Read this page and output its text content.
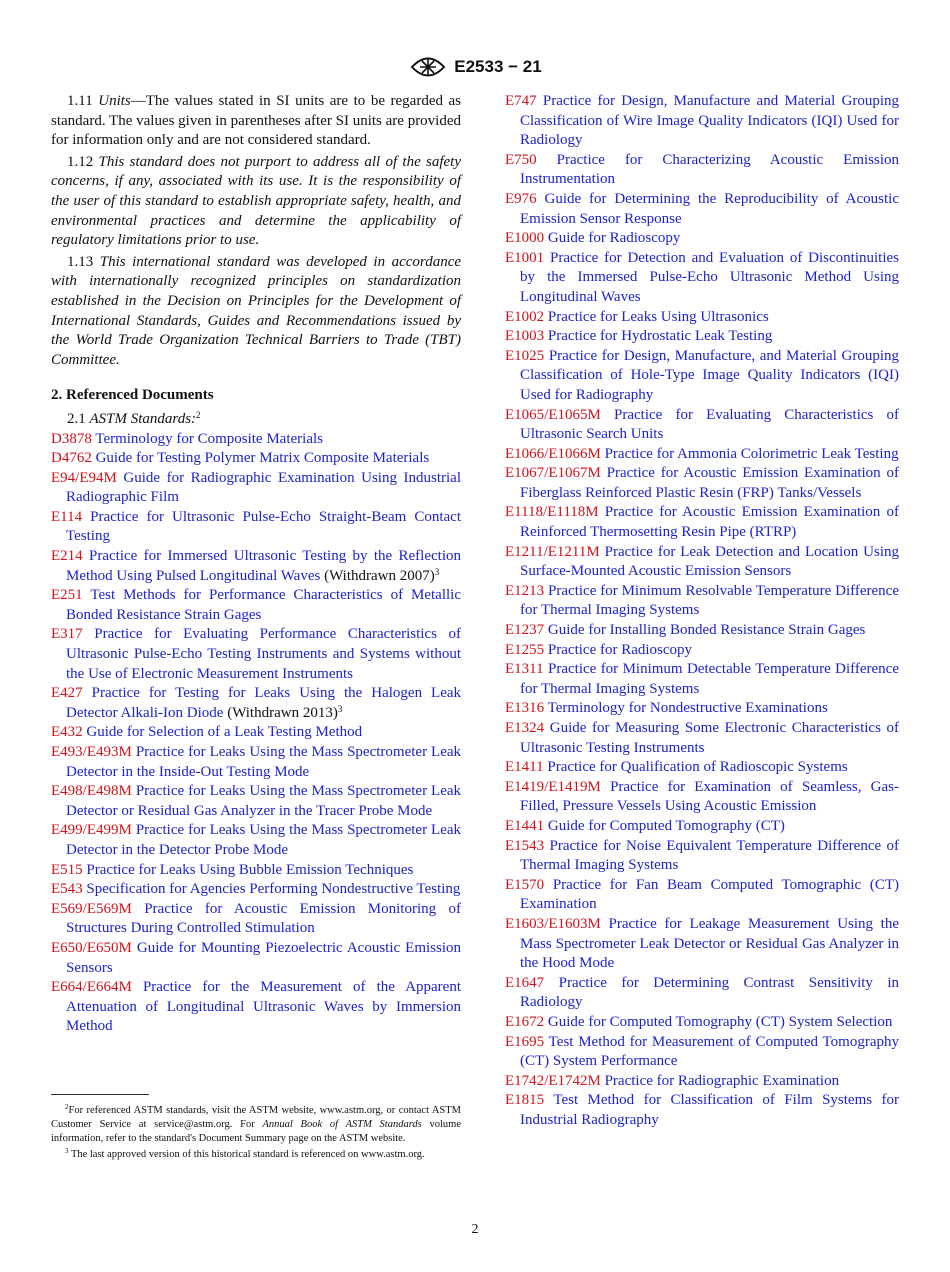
E2533 − 21

1.11 Units—The values stated in SI units are to be regarded as standard. The values given in parentheses after SI units are provided for information only and are not considered standard.

1.12 This standard does not purport to address all of the safety concerns, if any, associated with its use. It is the responsibility of the user of this standard to establish appropriate safety, health, and environmental practices and determine the applicability of regulatory limitations prior to use.

1.13 This international standard was developed in accordance with internationally recognized principles on standardization established in the Decision on Principles for the Development of International Standards, Guides and Recommendations issued by the World Trade Organization Technical Barriers to Trade (TBT) Committee.

2. Referenced Documents
2.1 ASTM Standards:$^2$

D3878 Terminology for Composite Materials

D4762 Guide for Testing Polymer Matrix Composite Materials

E94/E94M Guide for Radiographic Examination Using Industrial Radiographic Film

E114 Practice for Ultrasonic Pulse-Echo Straight-Beam Contact Testing

E214 Practice for Immersed Ultrasonic Testing by the Reflection Method Using Pulsed Longitudinal Waves (Withdrawn 2007)$^3$

E251 Test Methods for Performance Characteristics of Metallic Bonded Resistance Strain Gages

E317 Practice for Evaluating Performance Characteristics of Ultrasonic Pulse-Echo Testing Instruments and Systems without the Use of Electronic Measurement Instruments

E427 Practice for Testing for Leaks Using the Halogen Leak Detector Alkali-Ion Diode (Withdrawn 2013)$^3$

E432 Guide for Selection of a Leak Testing Method

E493/E493M Practice for Leaks Using the Mass Spectrometer Leak Detector in the Inside-Out Testing Mode

E498/E498M Practice for Leaks Using the Mass Spectrometer Leak Detector or Residual Gas Analyzer in the Tracer Probe Mode

E499/E499M Practice for Leaks Using the Mass Spectrometer Leak Detector in the Detector Probe Mode

E515 Practice for Leaks Using Bubble Emission Techniques

E543 Specification for Agencies Performing Nondestructive Testing

E569/E569M Practice for Acoustic Emission Monitoring of Structures During Controlled Stimulation

E650/E650M Guide for Mounting Piezoelectric Acoustic Emission Sensors

E664/E664M Practice for the Measurement of the Apparent Attenuation of Longitudinal Ultrasonic Waves by Immersion Method

E747 Practice for Design, Manufacture and Material Grouping Classification of Wire Image Quality Indicators (IQI) Used for Radiology

E750 Practice for Characterizing Acoustic Emission Instrumentation

E976 Guide for Determining the Reproducibility of Acoustic Emission Sensor Response

E1000 Guide for Radioscopy

E1001 Practice for Detection and Evaluation of Discontinuities by the Immersed Pulse-Echo Ultrasonic Method Using Longitudinal Waves

E1002 Practice for Leaks Using Ultrasonics

E1003 Practice for Hydrostatic Leak Testing

E1025 Practice for Design, Manufacture, and Material Grouping Classification of Hole-Type Image Quality Indicators (IQI) Used for Radiography

E1065/E1065M Practice for Evaluating Characteristics of Ultrasonic Search Units

E1066/E1066M Practice for Ammonia Colorimetric Leak Testing

E1067/E1067M Practice for Acoustic Emission Examination of Fiberglass Reinforced Plastic Resin (FRP) Tanks/Vessels

E1118/E1118M Practice for Acoustic Emission Examination of Reinforced Thermosetting Resin Pipe (RTRP)

E1211/E1211M Practice for Leak Detection and Location Using Surface-Mounted Acoustic Emission Sensors

E1213 Practice for Minimum Resolvable Temperature Difference for Thermal Imaging Systems

E1237 Guide for Installing Bonded Resistance Strain Gages

E1255 Practice for Radioscopy

E1311 Practice for Minimum Detectable Temperature Difference for Thermal Imaging Systems

E1316 Terminology for Nondestructive Examinations

E1324 Guide for Measuring Some Electronic Characteristics of Ultrasonic Testing Instruments

E1411 Practice for Qualification of Radioscopic Systems

E1419/E1419M Practice for Examination of Seamless, Gas-Filled, Pressure Vessels Using Acoustic Emission

E1441 Guide for Computed Tomography (CT)

E1543 Practice for Noise Equivalent Temperature Difference of Thermal Imaging Systems

E1570 Practice for Fan Beam Computed Tomographic (CT) Examination

E1603/E1603M Practice for Leakage Measurement Using the Mass Spectrometer Leak Detector or Residual Gas Analyzer in the Hood Mode

E1647 Practice for Determining Contrast Sensitivity in Radiology

E1672 Guide for Computed Tomography (CT) System Selection

E1695 Test Method for Measurement of Computed Tomography (CT) System Performance

E1742/E1742M Practice for Radiographic Examination

E1815 Test Method for Classification of Film Systems for Industrial Radiography

$^2$For referenced ASTM standards, visit the ASTM website, www.astm.org, or contact ASTM Customer Service at service@astm.org. For Annual Book of ASTM Standards volume information, refer to the standard's Document Summary page on the ASTM website.

$^3$ The last approved version of this historical standard is referenced on www.astm.org.

2
